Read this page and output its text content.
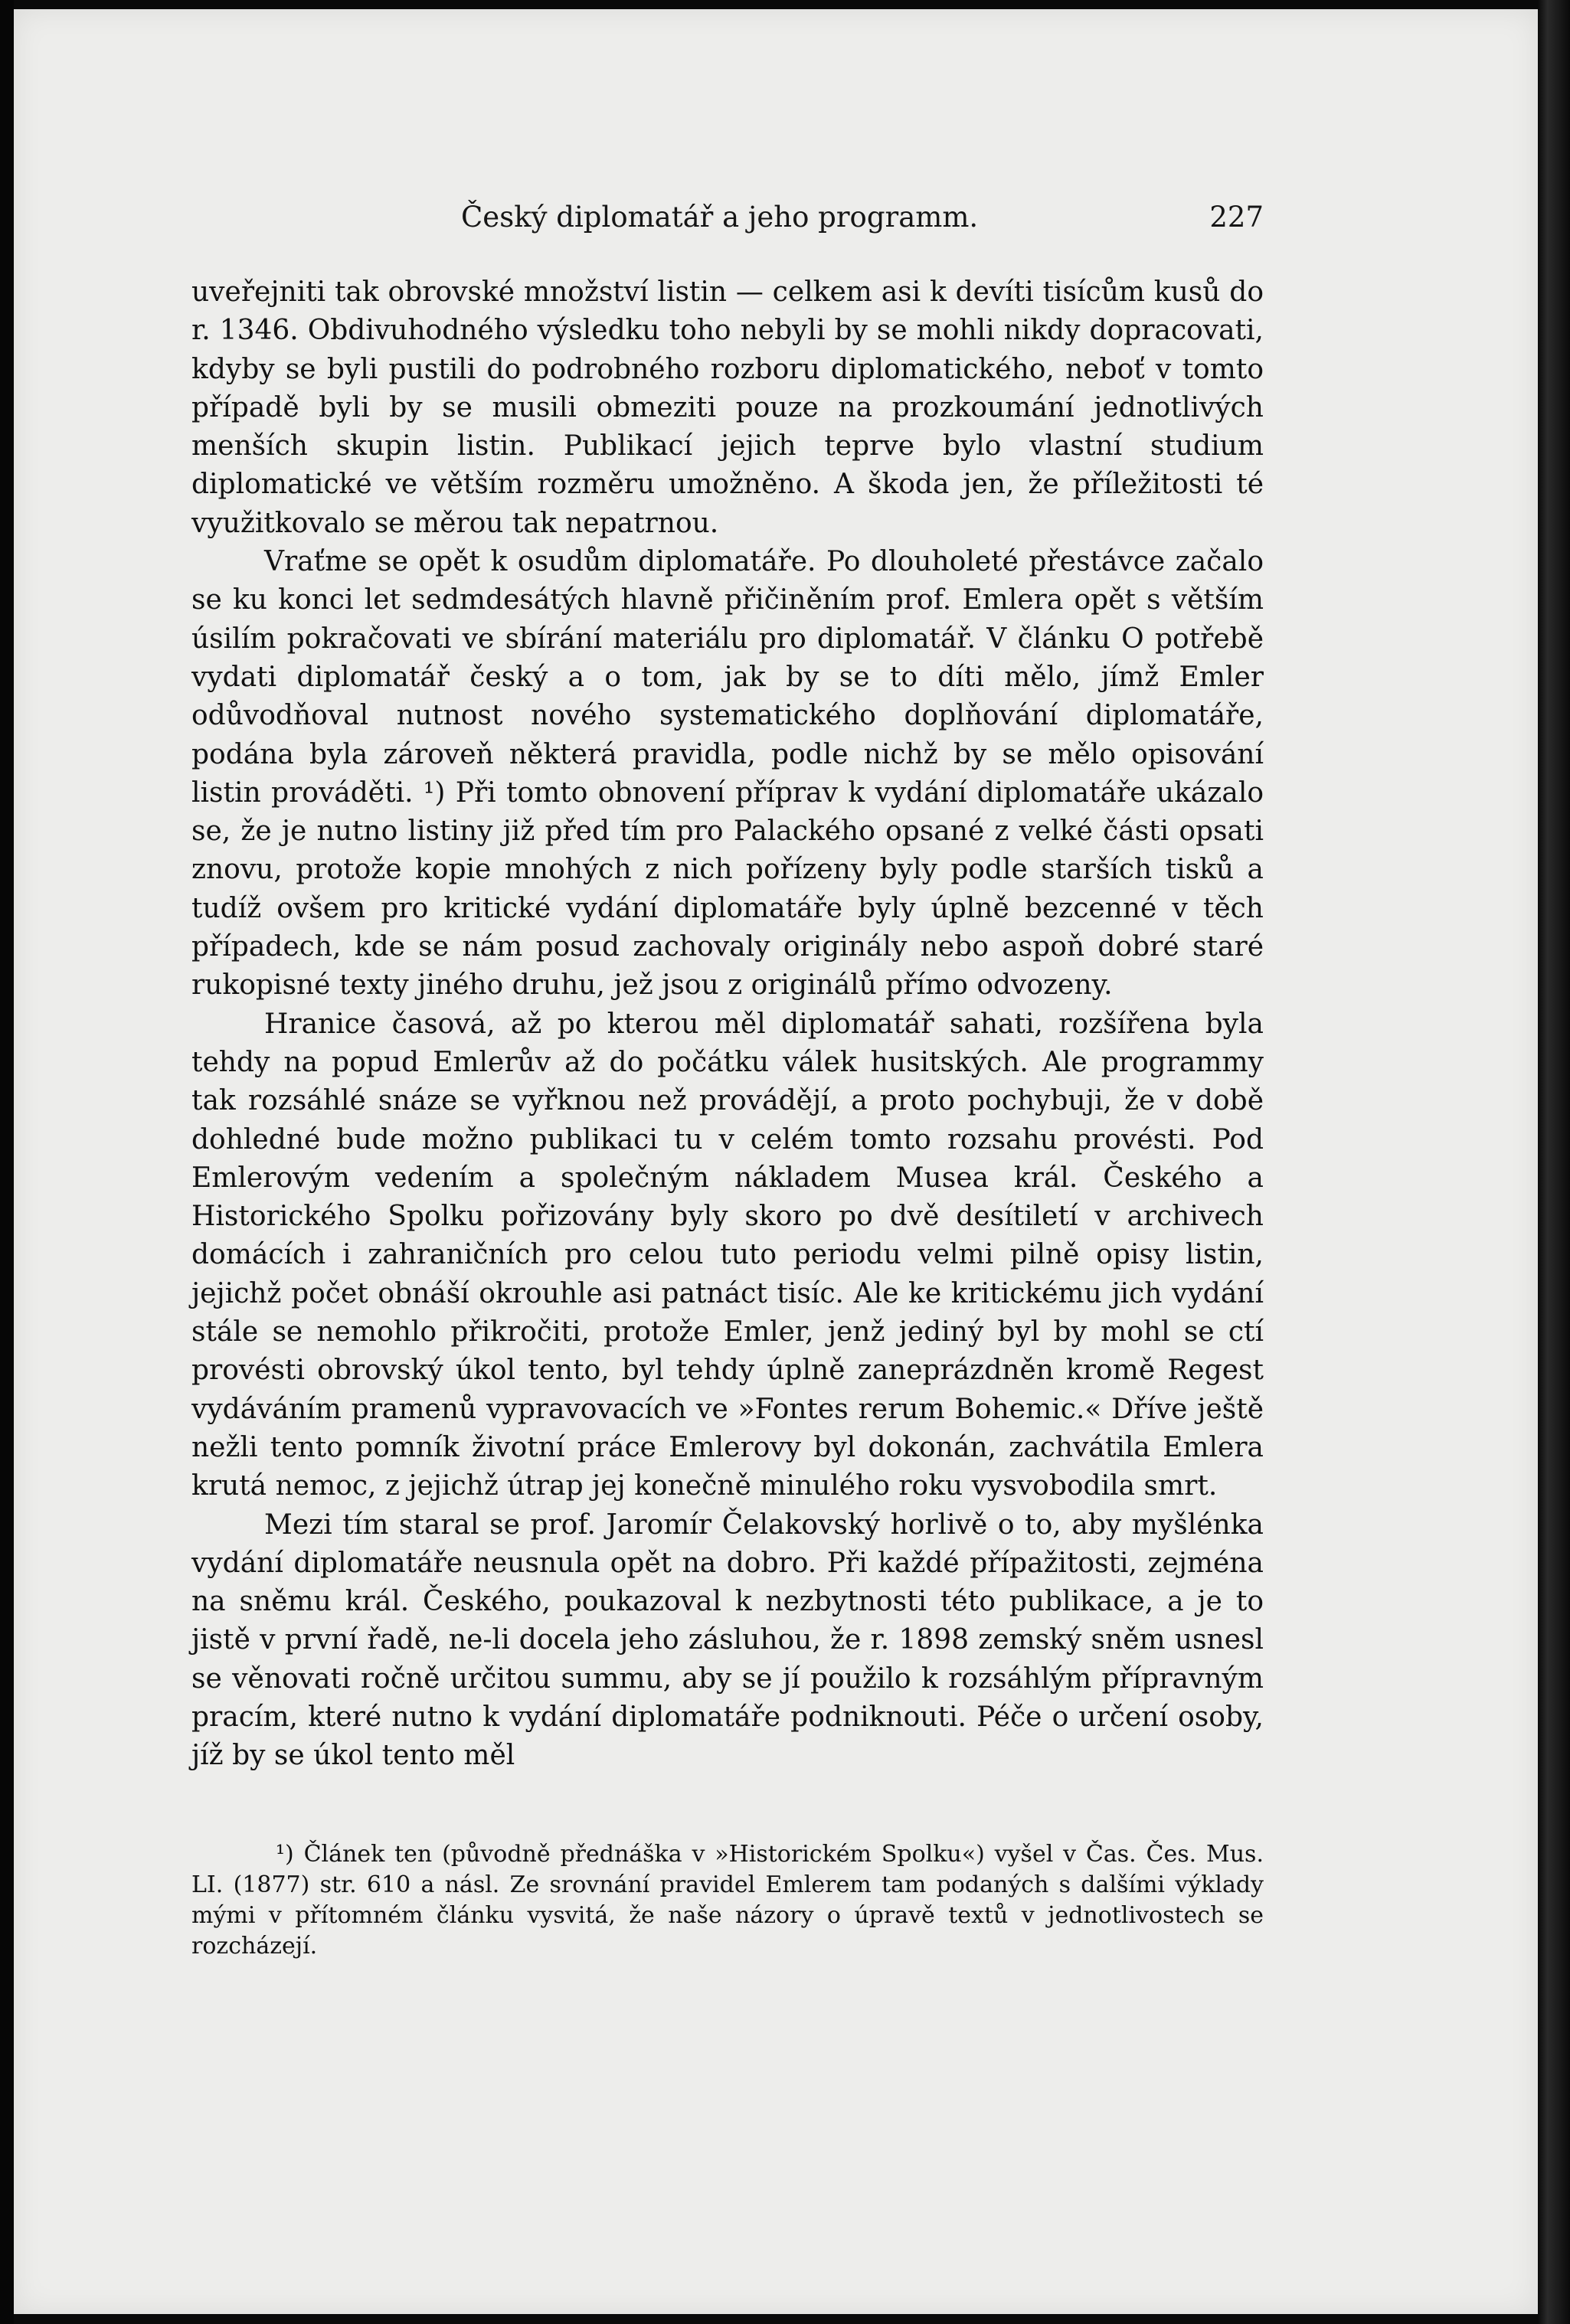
Český diplomatář a jeho programm.	227

uveřejniti tak obrovské množství listin — celkem asi k devíti tisícům kusů do r. 1346. Obdivuhodného výsledku toho nebyli by se mohli nikdy dopracovati, kdyby se byli pustili do podrobného rozboru diplomatického, neboť v tomto případě byli by se musili obmeziti pouze na prozkoumání jednotlivých menších skupin listin. Publikací jejich teprve bylo vlastní studium diplomatické ve větším rozměru umožněno. A škoda jen, že příležitosti té využitkovalo se měrou tak nepatrnou.

Vraťme se opět k osudům diplomatáře. Po dlouholeté přestávce začalo se ku konci let sedmdesátých hlavně přičiněním prof. Emlera opět s větším úsilím pokračovati ve sbírání materiálu pro diplomatář. V článku O potřebě vydati diplomatář český a o tom, jak by se to díti mělo, jímž Emler odůvodňoval nutnost nového systematického doplňování diplomatáře, podána byla zároveň některá pravidla, podle nichž by se mělo opisování listin prováděti. ¹) Při tomto obnovení příprav k vydání diplomatáře ukázalo se, že je nutno listiny již před tím pro Palackého opsané z velké části opsati znovu, protože kopie mnohých z nich pořízeny byly podle starších tisků a tudíž ovšem pro kritické vydání diplomatáře byly úplně bezcenné v těch případech, kde se nám posud zachovaly originály nebo aspoň dobré staré rukopisné texty jiného druhu, jež jsou z originálů přímo odvozeny.

Hranice časová, až po kterou měl diplomatář sahati, rozšířena byla tehdy na popud Emlerův až do počátku válek husitských. Ale programmy tak rozsáhlé snáze se vyřknou než provádějí, a proto pochybuji, že v době dohledné bude možno publikaci tu v celém tomto rozsahu provésti. Pod Emlerovým vedením a společným nákladem Musea král. Českého a Historického Spolku pořizovány byly skoro po dvě desítiletí v archivech domácích i zahraničních pro celou tuto periodu velmi pilně opisy listin, jejichž počet obnáší okrouhle asi patnáct tisíc. Ale ke kritickému jich vydání stále se nemohlo přikročiti, protože Emler, jenž jediný byl by mohl se ctí provésti obrovský úkol tento, byl tehdy úplně zaneprázdněn kromě Regest vydáváním pramenů vypravovacích ve »Fontes rerum Bohemic.« Dříve ještě nežli tento pomník životní práce Emlerovy byl dokonán, zachvátila Emlera krutá nemoc, z jejichž útrap jej konečně minulého roku vysvobodila smrt.

Mezi tím staral se prof. Jaromír Čelakovský horlivě o to, aby myšlénka vydání diplomatáře neusnula opět na dobro. Při každé přípažitosti, zejména na sněmu král. Českého, poukazoval k nezbytnosti této publikace, a je to jistě v první řadě, ne-li docela jeho zásluhou, že r. 1898 zemský sněm usnesl se věnovati ročně určitou summu, aby se jí použilo k rozsáhlým přípravným pracím, které nutno k vydání diplomatáře podniknouti. Péče o určení osoby, jíž by se úkol tento měl

¹) Článek ten (původně přednáška v »Historickém Spolku«) vyšel v Čas. Čes. Mus. LI. (1877) str. 610 a násl. Ze srovnání pravidel Emlerem tam podaných s dalšími výklady mými v přítomném článku vysvitá, že naše názory o úpravě textů v jednotlivostech se rozcházejí.
